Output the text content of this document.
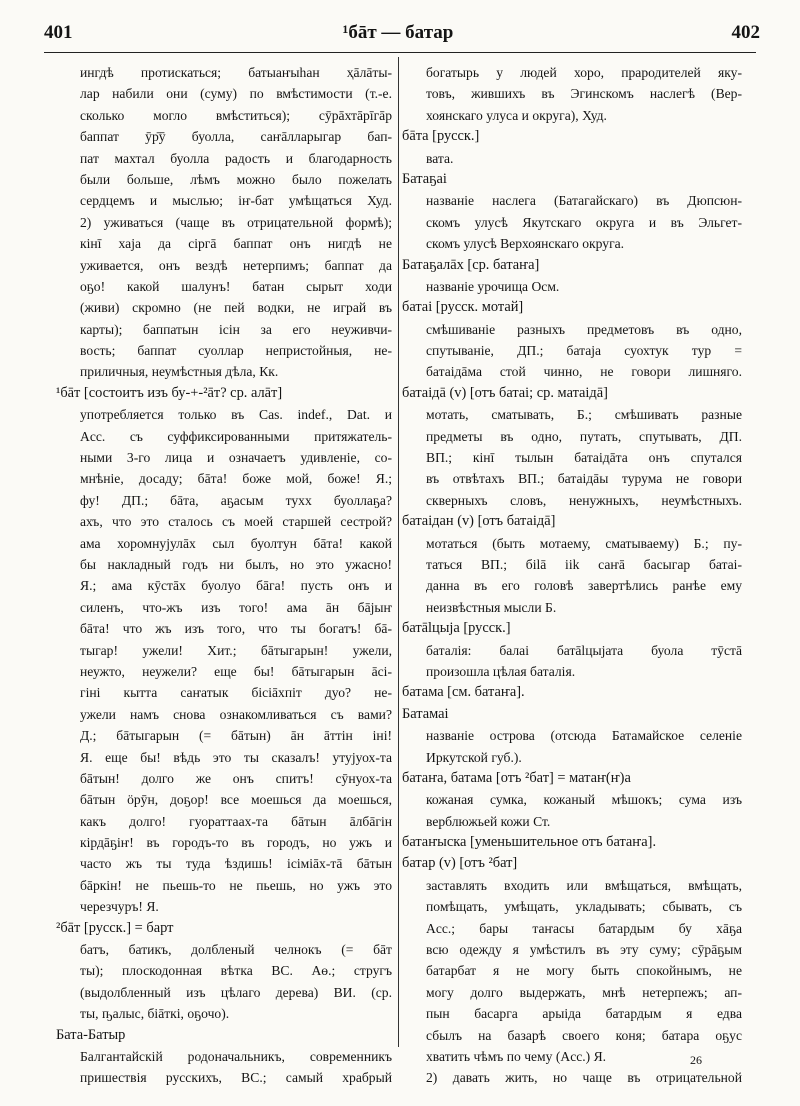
401	¹бāт — батар	402
ингдѣ протискаться; батыаҥыһан ҳāлāты-
лар набили они (суму) по вмѣстимости (т.-е.
сколько могло вмѣститься); сӯрāхтāрīгāр
баппат ӯр̄ӯ буолла, саҥāлларыгар бап-
пат махтал буолла радость и благодарность
были больше, лѣмъ можно было пожелать
сердцемъ и мыслью; іҥ-бат умѣщаться Худ.
2) уживаться (чаще въ отрицательной формѣ);
кінī хаја да сіргā баппат онъ нигдѣ не
уживается, онъ вездѣ нетерпимъ; баппат да
оҕо! какой шалунъ! батан сырыт ходи
(живи) скромно (не пей водки, не играй въ
карты); баппатын ісін за его неуживчи-
вость; баппат суоллар непристойныя, не-
приличныя, неумѣстныя дѣла, Кк.
¹бāт [состоитъ изъ бу-+-²āт? ср. алāт]
употребляется только въ Cas. indef., Dat. и
Acc. съ суффиксированными притяжатель-
ными 3-го лица и означаетъ удивленіе, со-
мнѣніе, досаду; бāта! боже мой, боже! Я.;
фу! ДП.; бāта, аҕасым тухх буоллаҕа?
ахъ, что это сталось съ моей старшей сестрой?
ама хоромнујулāх сыл буолтун бāта! какой
бы накладный годъ ни былъ, но это ужасно!
Я.; ама кӯстāх буолуо бāга! пусть онъ и
силенъ, что-жъ изъ того! ама āн бāјыҥ
бāта! что жъ изъ того, что ты богатъ! бā-
тыгар! ужели! Хит.; бāтыгарын! ужели,
неужто, неужели? еще бы! бāтыгарын āсі-
гіні кытта саҥатык бісіāхпіт дуо? не-
ужели намъ снова ознакомливаться съ вами?
Д.; бāтыгарын (= бāтын) āн āттін іні!
Я. еще бы! вѣдь это ты сказалъ! утујуох-та
бāтын! долго же онъ спитъ! сӯнуох-та
бāтын ӧрӯн, доҕор! все моешься да моешься,
какъ долго! гуораттаах-та бāтын āлбāгін
кірдāҕіҥ! въ городъ-то въ городъ, но ужъ и
часто жъ ты туда ѣздишь! ісіміāх-тā бāтын
бāркін! не пьешь-то не пьешь, но ужъ это
черезчуръ! Я.
²бāт [русск.] = барт
батъ, батикъ, долбленый челнокъ (= бāт
ты); плоскодонная вѣтка ВС. Аө.; стругъ
(выдолбленный изъ цѣлаго дерева) ВИ. (ср.
ты, ҧалыс, біāткі, оҕочо).
Бата-Батыр
Балгантайскій родоначальникъ, современникъ
пришествія русскихъ, ВС.; самый храбрый
богатырь у людей хоро, прародителей яку-
товъ, жившихъ въ Эгинскомъ наслегѣ (Вер-
хоянскаго улуса и округа), Худ.
бāта [русск.]
вата.
Батаҕаі
названіе наслега (Батагайскаго) въ Дюпсюн-
скомъ улусѣ Якутскаго округа и въ Эльгет-
скомъ улусѣ Верхоянскаго округа.
Батаҕалāх [ср. батаҥа]
названіе урочища Осм.
батаі [русск. мотай]
смѣшиваніе разныхъ предметовъ въ одно,
спутываніе, ДП.; батаја суохтук тур =
батаідāма стой чинно, не говори лишняго.
батаідā (v) [отъ батаі; ср. матаідā]
мотать, сматывать, Б.; смѣшивать разные
предметы въ одно, путать, спутывать, ДП.
ВП.; кінī тылын батаідāта онъ спутался
въ отвѣтахъ ВП.; батаідāы турума не говори
скверныхъ словъ, ненужныхъ, неумѣстныхъ.
батаідан (v) [отъ батаідā]
мотаться (быть мотаему, сматываему) Б.; пу-
таться ВП.; біlā ііk саҥā басыгар батаі-
данна въ его головѣ завертѣлись ранѣе ему
неизвѣстныя мысли Б.
батālцыја [русск.]
баталія: балаі батālцыјата буола тӯстā
произошла цѣлая баталія.
батама [см. батаҥа].
Батамаі
названіе острова (отсюда Батамайское селеніе
Иркутской губ.).
батаҥа, батама [отъ ²бат] = матаҥ(ҥ)а
кожаная сумка, кожаный мѣшокъ; сума изъ
верблюжьей кожи Ст.
батаҥыска [уменьшительное отъ батаҥа].
батар (v) [отъ ²бат]
заставлять входить или вмѣщаться, вмѣщать,
помѣщать, умѣщать, укладывать; сбывать, съ
Acc.; бары таҥасы батардым бу хāҕа
всю одежду я умѣстилъ въ эту суму; сӯрāҕым
батарбат я не могу быть спокойнымъ, не
могу долго выдержать, мнѣ нетерпежъ; ап-
пын басарга арыіда батардым я едва
сбылъ на базарѣ своего коня; батара оҕус
хватить чѣмъ по чему (Acc.) Я.
2) давать жить, но чаще въ отрицательной
26
